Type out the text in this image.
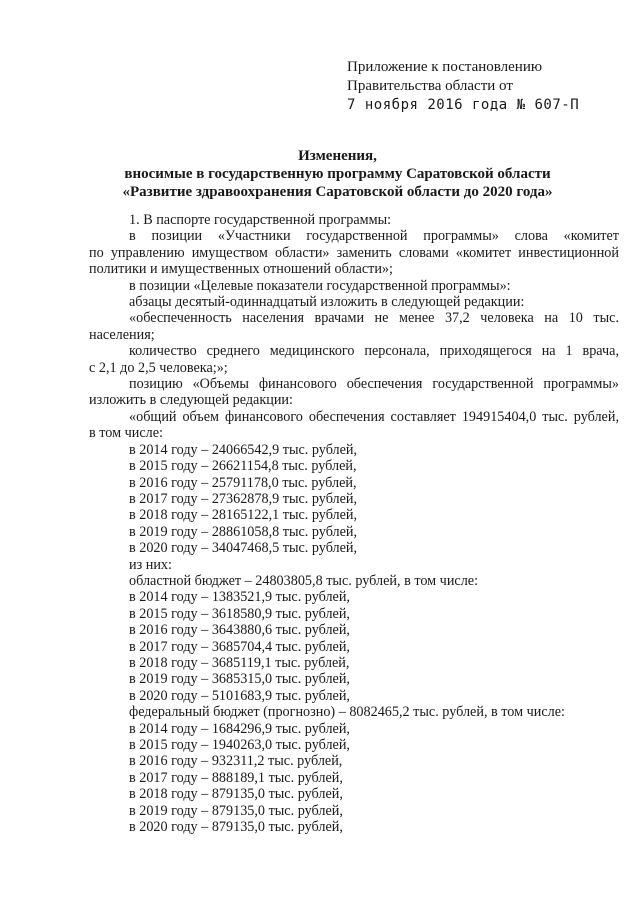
Приложение к постановлению
Правительства области от
7 ноября 2016 года № 607-П
Изменения,
вносимые в государственную программу Саратовской области
«Развитие здравоохранения Саратовской области до 2020 года»
1. В паспорте государственной программы:
в позиции «Участники государственной программы» слова «комитет
по управлению имуществом области» заменить словами «комитет инвестиционной
политики и имущественных отношений области»;
в позиции «Целевые показатели государственной программы»:
абзацы десятый-одиннадцатый изложить в следующей редакции:
«обеспеченность населения врачами не менее 37,2 человека на 10 тыс.
населения;
количество среднего медицинского персонала, приходящегося на 1 врача,
с 2,1 до 2,5 человека;»;
позицию «Объемы финансового обеспечения государственной программы»
изложить в следующей редакции:
«общий объем финансового обеспечения составляет 194915404,0 тыс. рублей,
в том числе:
в 2014 году – 24066542,9 тыс. рублей,
в 2015 году – 26621154,8 тыс. рублей,
в 2016 году – 25791178,0 тыс. рублей,
в 2017 году – 27362878,9 тыс. рублей,
в 2018 году – 28165122,1 тыс. рублей,
в 2019 году – 28861058,8 тыс. рублей,
в 2020 году – 34047468,5 тыс. рублей,
из них:
областной бюджет – 24803805,8 тыс. рублей, в том числе:
в 2014 году – 1383521,9 тыс. рублей,
в 2015 году – 3618580,9 тыс. рублей,
в 2016 году – 3643880,6 тыс. рублей,
в 2017 году – 3685704,4 тыс. рублей,
в 2018 году – 3685119,1 тыс. рублей,
в 2019 году – 3685315,0 тыс. рублей,
в 2020 году – 5101683,9 тыс. рублей,
федеральный бюджет (прогнозно) – 8082465,2 тыс. рублей, в том числе:
в 2014 году – 1684296,9 тыс. рублей,
в 2015 году – 1940263,0 тыс. рублей,
в 2016 году – 932311,2 тыс. рублей,
в 2017 году – 888189,1 тыс. рублей,
в 2018 году – 879135,0 тыс. рублей,
в 2019 году – 879135,0 тыс. рублей,
в 2020 году – 879135,0 тыс. рублей,
